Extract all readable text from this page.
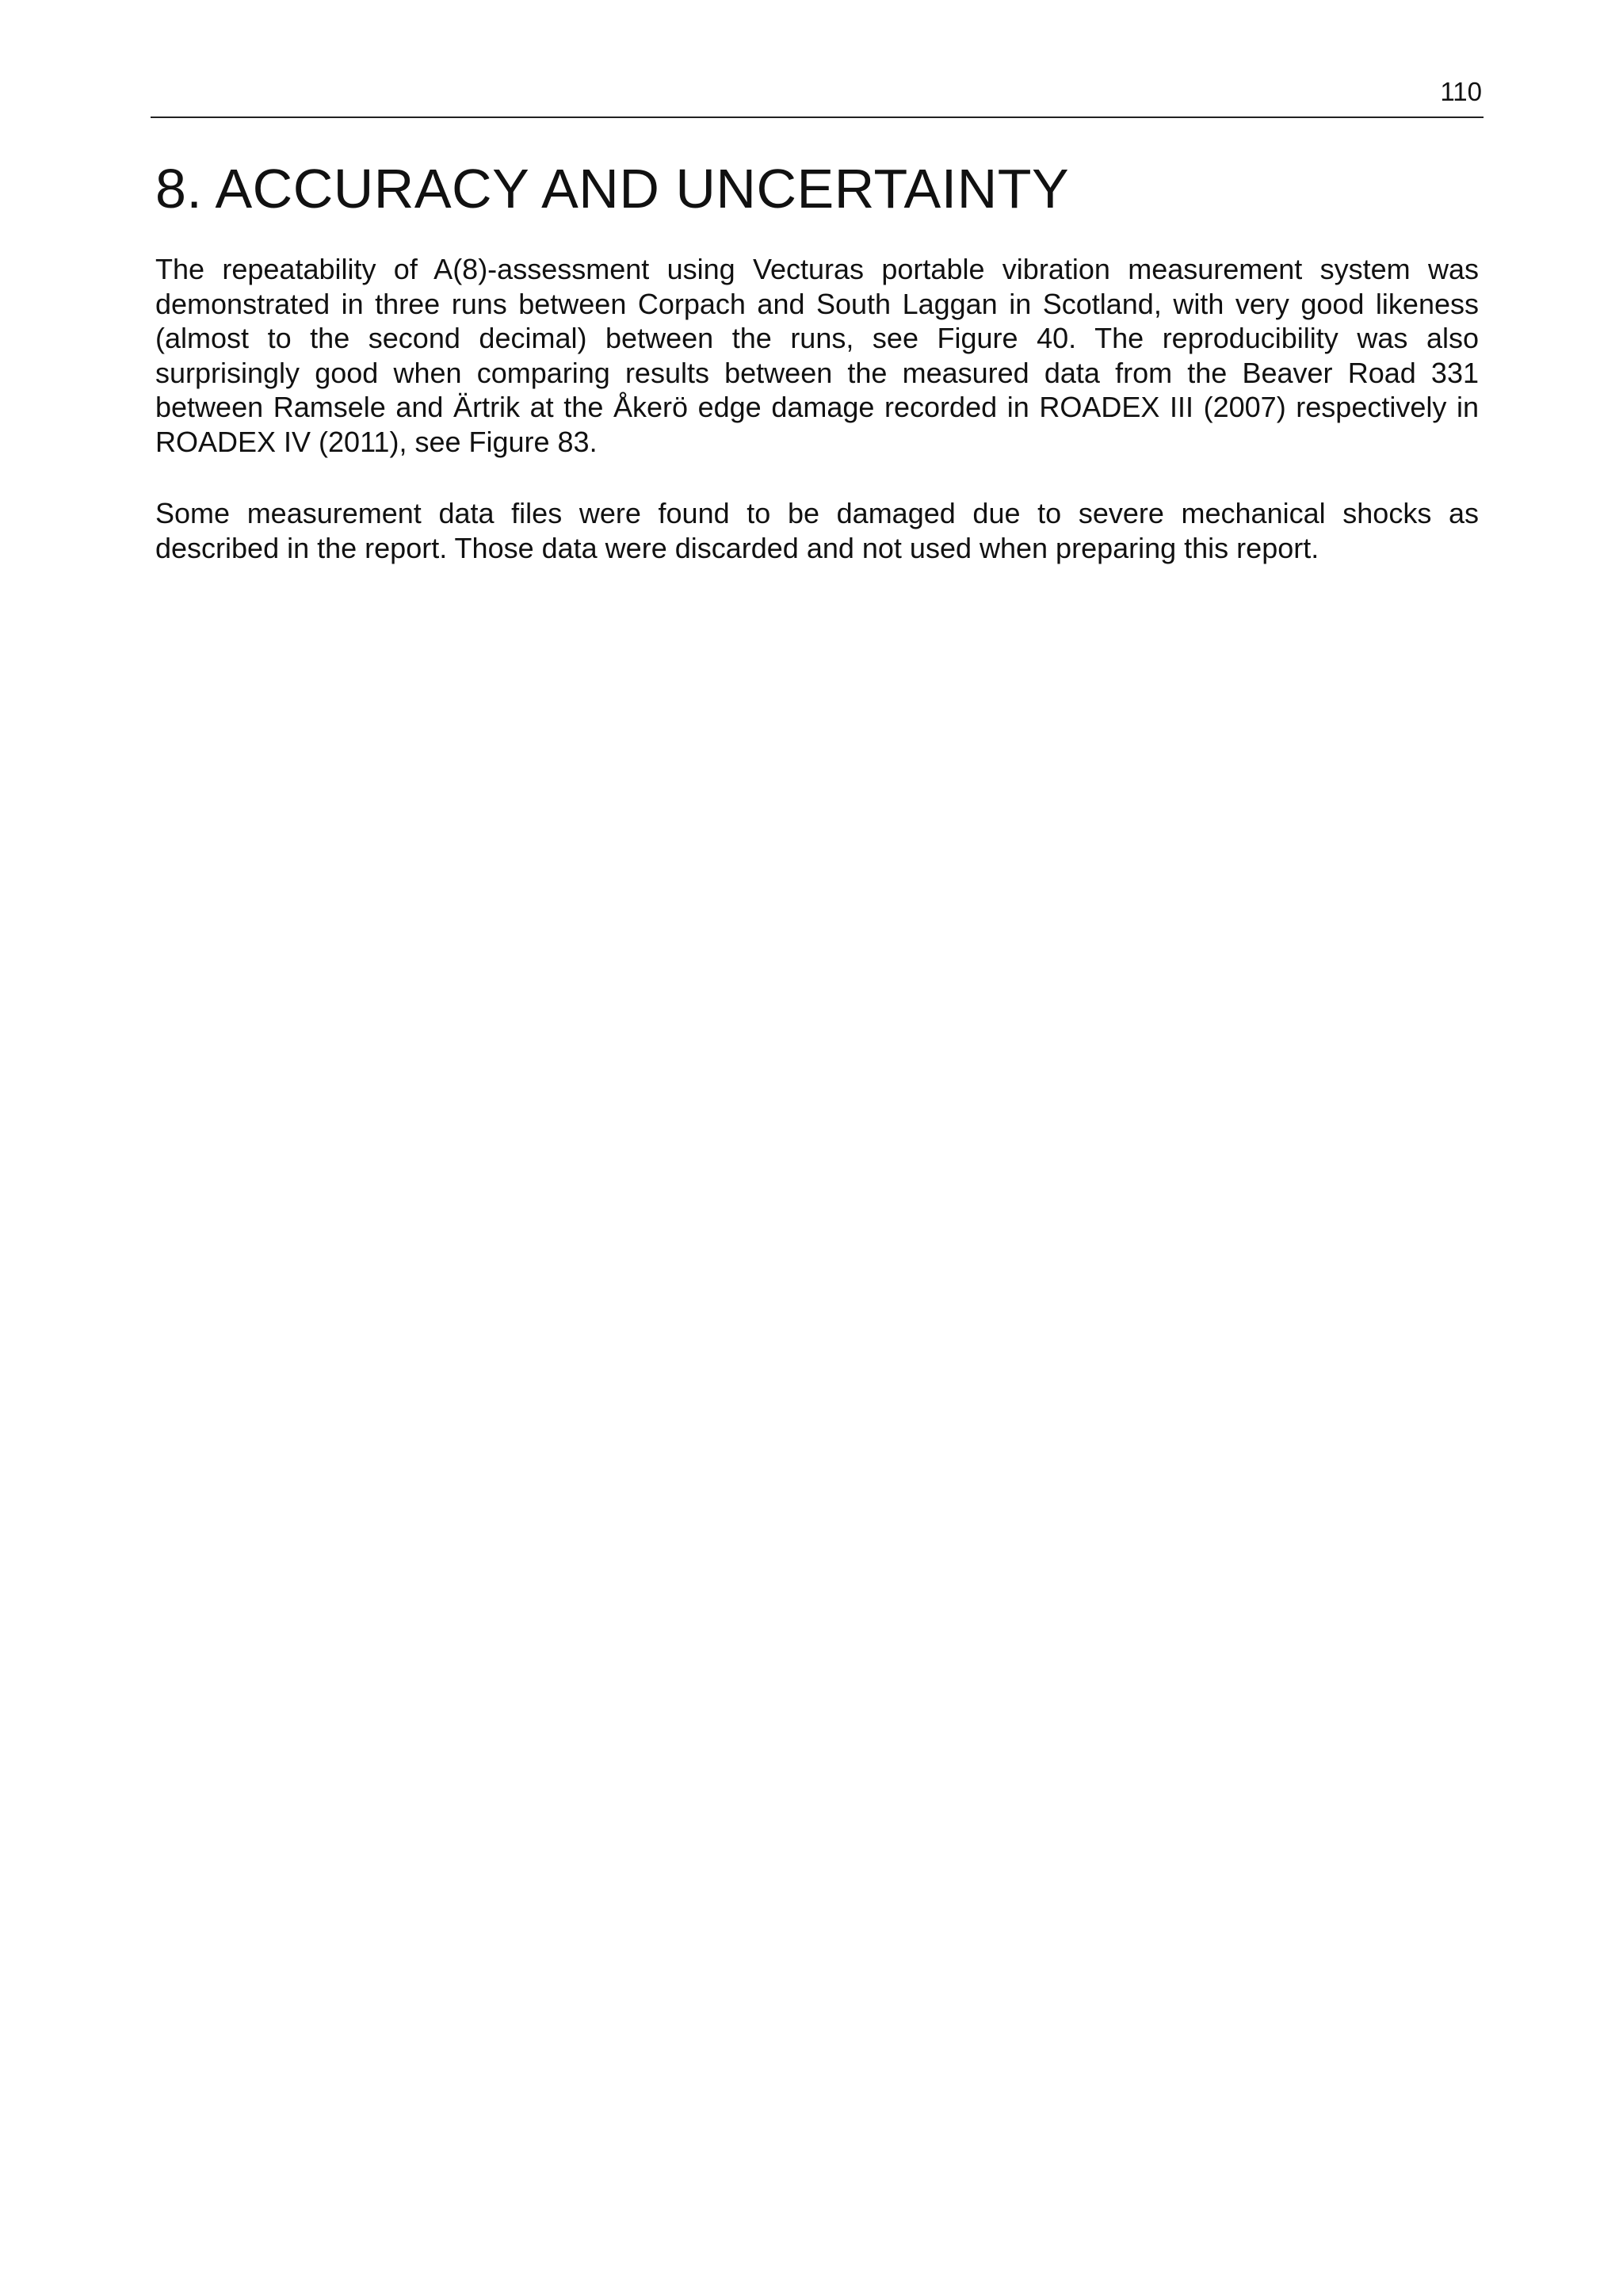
110
8. ACCURACY AND UNCERTAINTY

The repeatability of A(8)-assessment using Vecturas portable vibration measurement system was demonstrated in three runs between Corpach and South Laggan in Scotland, with very good likeness (almost to the second decimal) between the runs, see Figure 40. The reproducibility was also surprisingly good when comparing results between the measured data from the Beaver Road 331 between Ramsele and Ärtrik at the Åkerö edge damage recorded in ROADEX III (2007) respectively in ROADEX IV (2011), see Figure 83.

Some measurement data files were found to be damaged due to severe mechanical shocks as described in the report. Those data were discarded and not used when preparing this report.
